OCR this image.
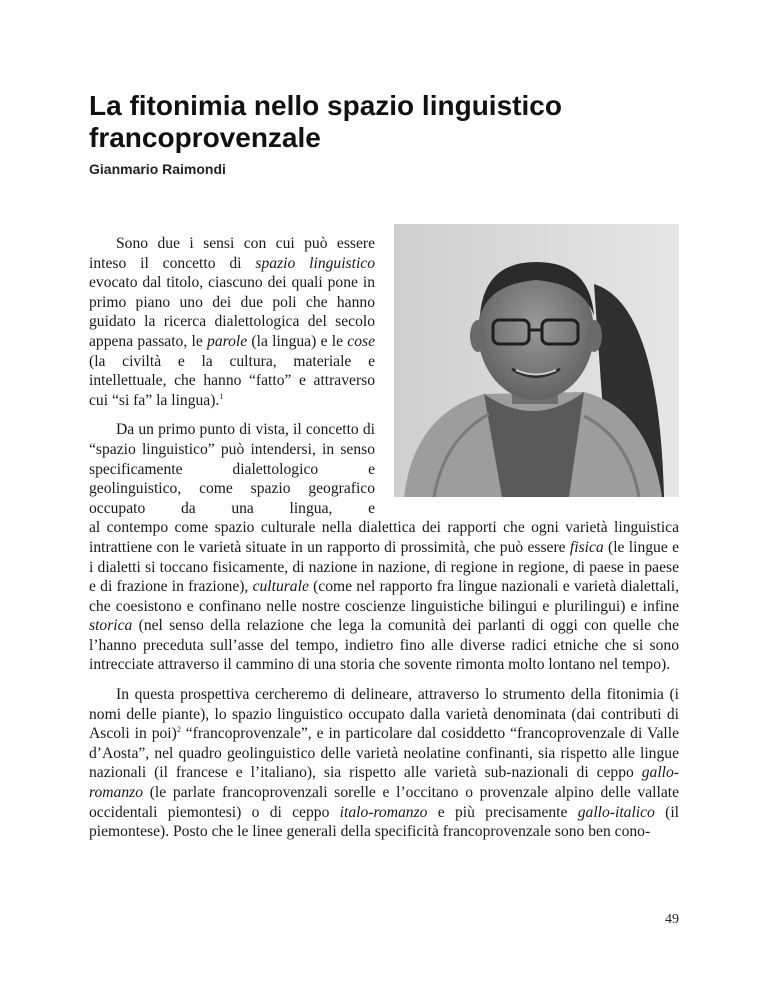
La fitonimia nello spazio linguistico francoprovenzale
Gianmario Raimondi

Sono due i sensi con cui può essere inteso il concetto di spazio linguistico evocato dal titolo, ciascuno dei quali pone in primo piano uno dei due poli che hanno guidato la ricerca dialettologica del secolo appena passato, le parole (la lingua) e le cose (la civiltà e la cultura, materiale e intellettuale, che hanno “fatto” e attraverso cui “si fa” la lingua).$^1$

Da un primo punto di vista, il concetto di “spazio linguistico” può intendersi, in senso specificamente dialettologico e geolinguistico, come spazio geografico occupato da una lingua, e
al contempo come spazio culturale nella dialettica dei rapporti che ogni varietà linguistica intrattiene con le varietà situate in un rapporto di prossimità, che può essere fisica (le lingue e i dialetti si toccano fisicamente, di nazione in nazione, di regione in regione, di paese in paese e di frazione in frazione), culturale (come nel rapporto fra lingue nazionali e varietà dialettali, che coesistono e confinano nelle nostre coscienze linguistiche bilingui e plurilingui) e infine storica (nel senso della relazione che lega la comunità dei parlanti di oggi con quelle che l’hanno preceduta sull’asse del tempo, indietro fino alle diverse radici etniche che si sono intrecciate attraverso il cammino di una storia che sovente rimonta molto lontano nel tempo).

In questa prospettiva cercheremo di delineare, attraverso lo strumento della fitonimia (i nomi delle piante), lo spazio linguistico occupato dalla varietà denominata (dai contributi di Ascoli in poi)$^2$ “francoprovenzale”, e in particolare dal cosiddetto “francoprovenzale di Valle d’Aosta”, nel quadro geolinguistico delle varietà neolatine confinanti, sia rispetto alle lingue nazionali (il francese e l’italiano), sia rispetto alle varietà sub-nazionali di ceppo gallo-romanzo (le parlate francoprovenzali sorelle e l’occitano o provenzale alpino delle vallate occidentali piemontesi) o di ceppo italo-romanzo e più precisamente gallo-italico (il piemontese). Posto che le linee generali della specificità francoprovenzale sono ben cono-

49
